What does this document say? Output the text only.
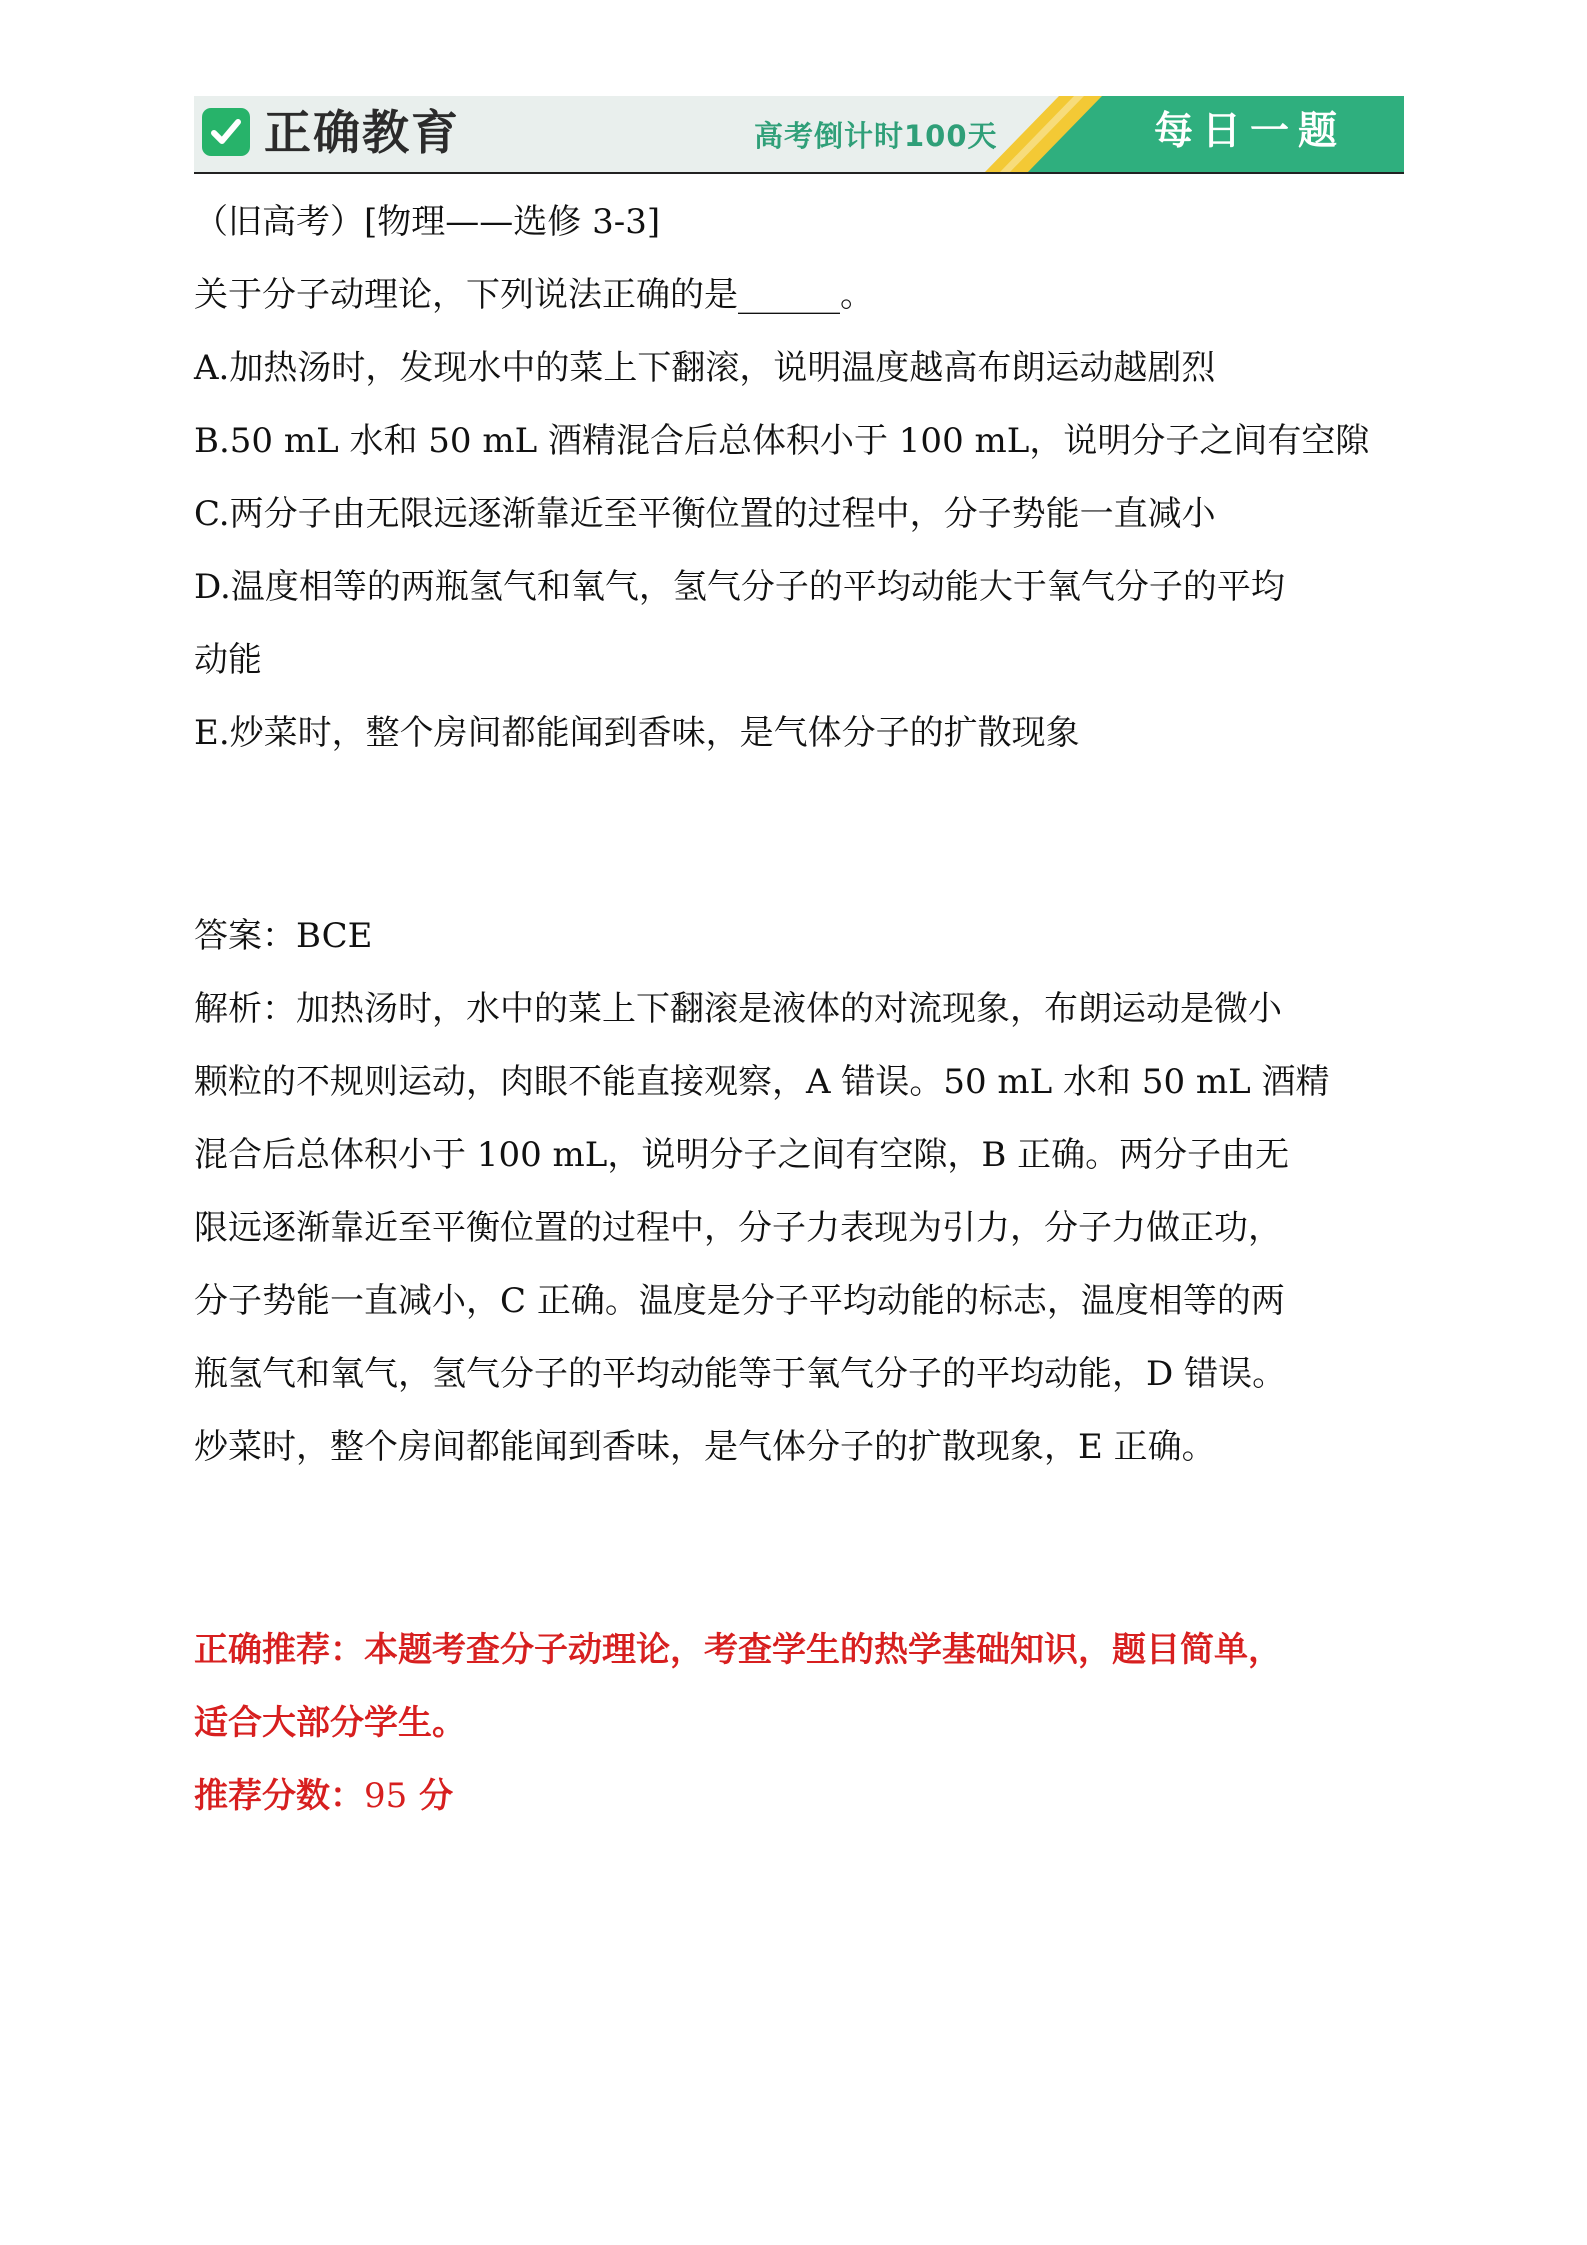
正确教育	高考倒计时100天	每日一题
（旧高考）[物理——选修 3-3]
关于分子动理论，下列说法正确的是______。
A.加热汤时，发现水中的菜上下翻滚，说明温度越高布朗运动越剧烈
B.50 mL 水和 50 mL 酒精混合后总体积小于 100 mL，说明分子之间有空隙
C.两分子由无限远逐渐靠近至平衡位置的过程中，分子势能一直减小
D.温度相等的两瓶氢气和氧气，氢气分子的平均动能大于氧气分子的平均
动能
E.炒菜时，整个房间都能闻到香味，是气体分子的扩散现象
答案：BCE
解析：加热汤时，水中的菜上下翻滚是液体的对流现象，布朗运动是微小
颗粒的不规则运动，肉眼不能直接观察，A 错误。50 mL 水和 50 mL 酒精
混合后总体积小于 100 mL，说明分子之间有空隙，B 正确。两分子由无
限远逐渐靠近至平衡位置的过程中，分子力表现为引力，分子力做正功，
分子势能一直减小，C 正确。温度是分子平均动能的标志，温度相等的两
瓶氢气和氧气，氢气分子的平均动能等于氧气分子的平均动能，D 错误。
炒菜时，整个房间都能闻到香味，是气体分子的扩散现象，E 正确。
正确推荐：本题考查分子动理论，考查学生的热学基础知识，题目简单，
适合大部分学生。
推荐分数：95 分
